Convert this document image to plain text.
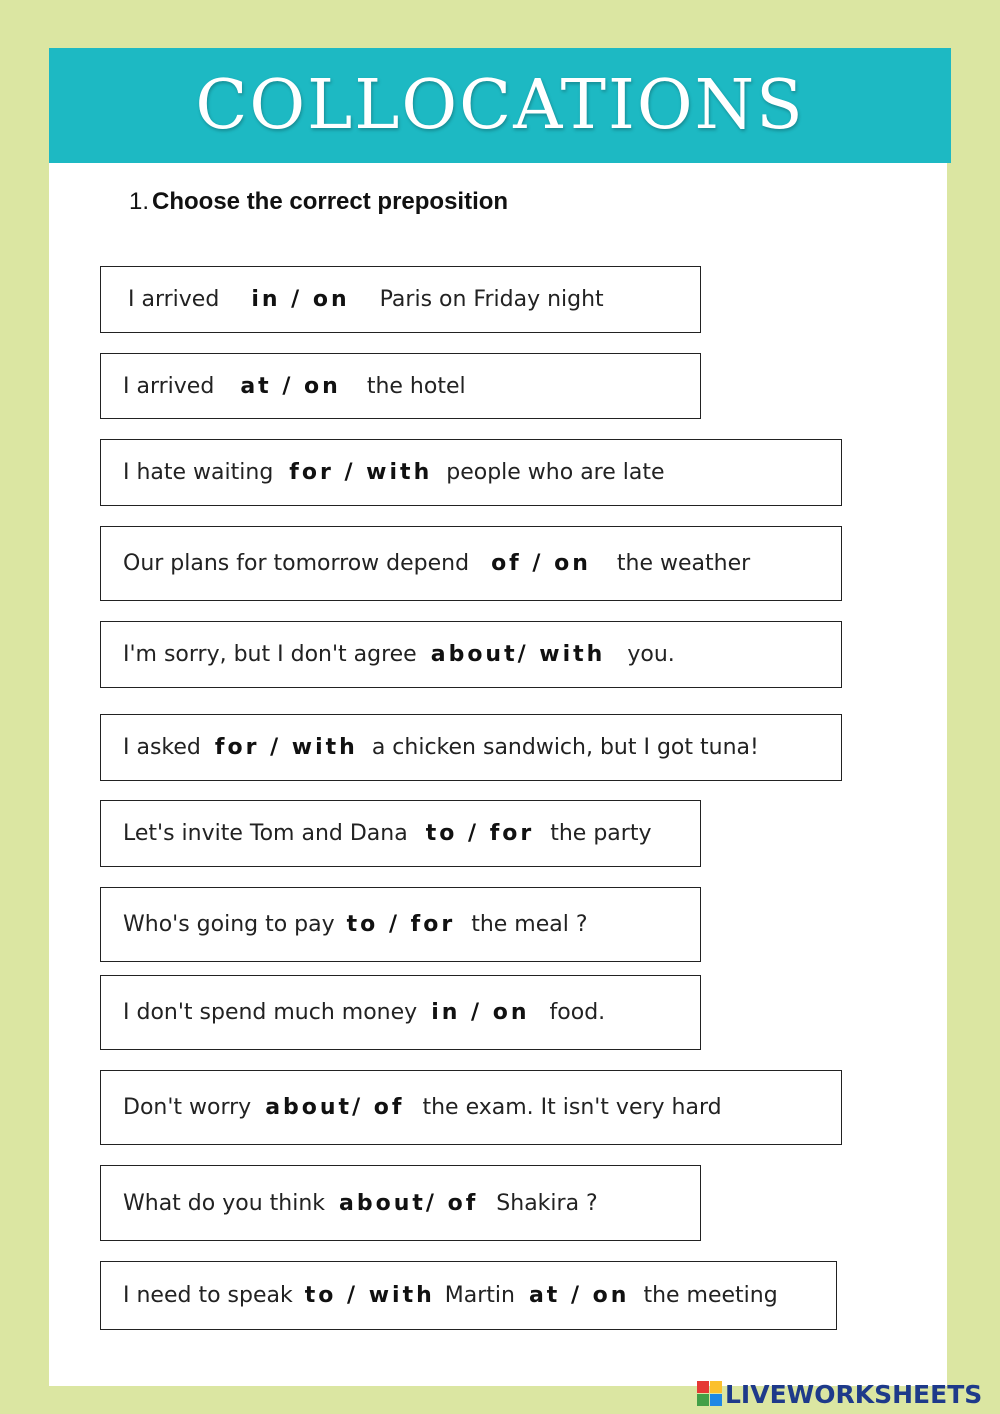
COLLOCATIONS
1. Choose the correct preposition
I arrived in / on Paris on Friday night
I arrived at / on the hotel
I hate waiting for / with people who are late
Our plans for tomorrow depend of / on the weather
I'm sorry, but I don't agree about/ with you.
I asked for / with a chicken sandwich, but I got tuna!
Let's invite Tom and Dana to / for the party
Who's going to pay to / for the meal ?
I don't spend much money in / on food.
Don't worry about/ of the exam. It isn't very hard
What do you think about/ of Shakira ?
I need to speak to / with Martin at / on the meeting
LIVEWORKSHEETS
